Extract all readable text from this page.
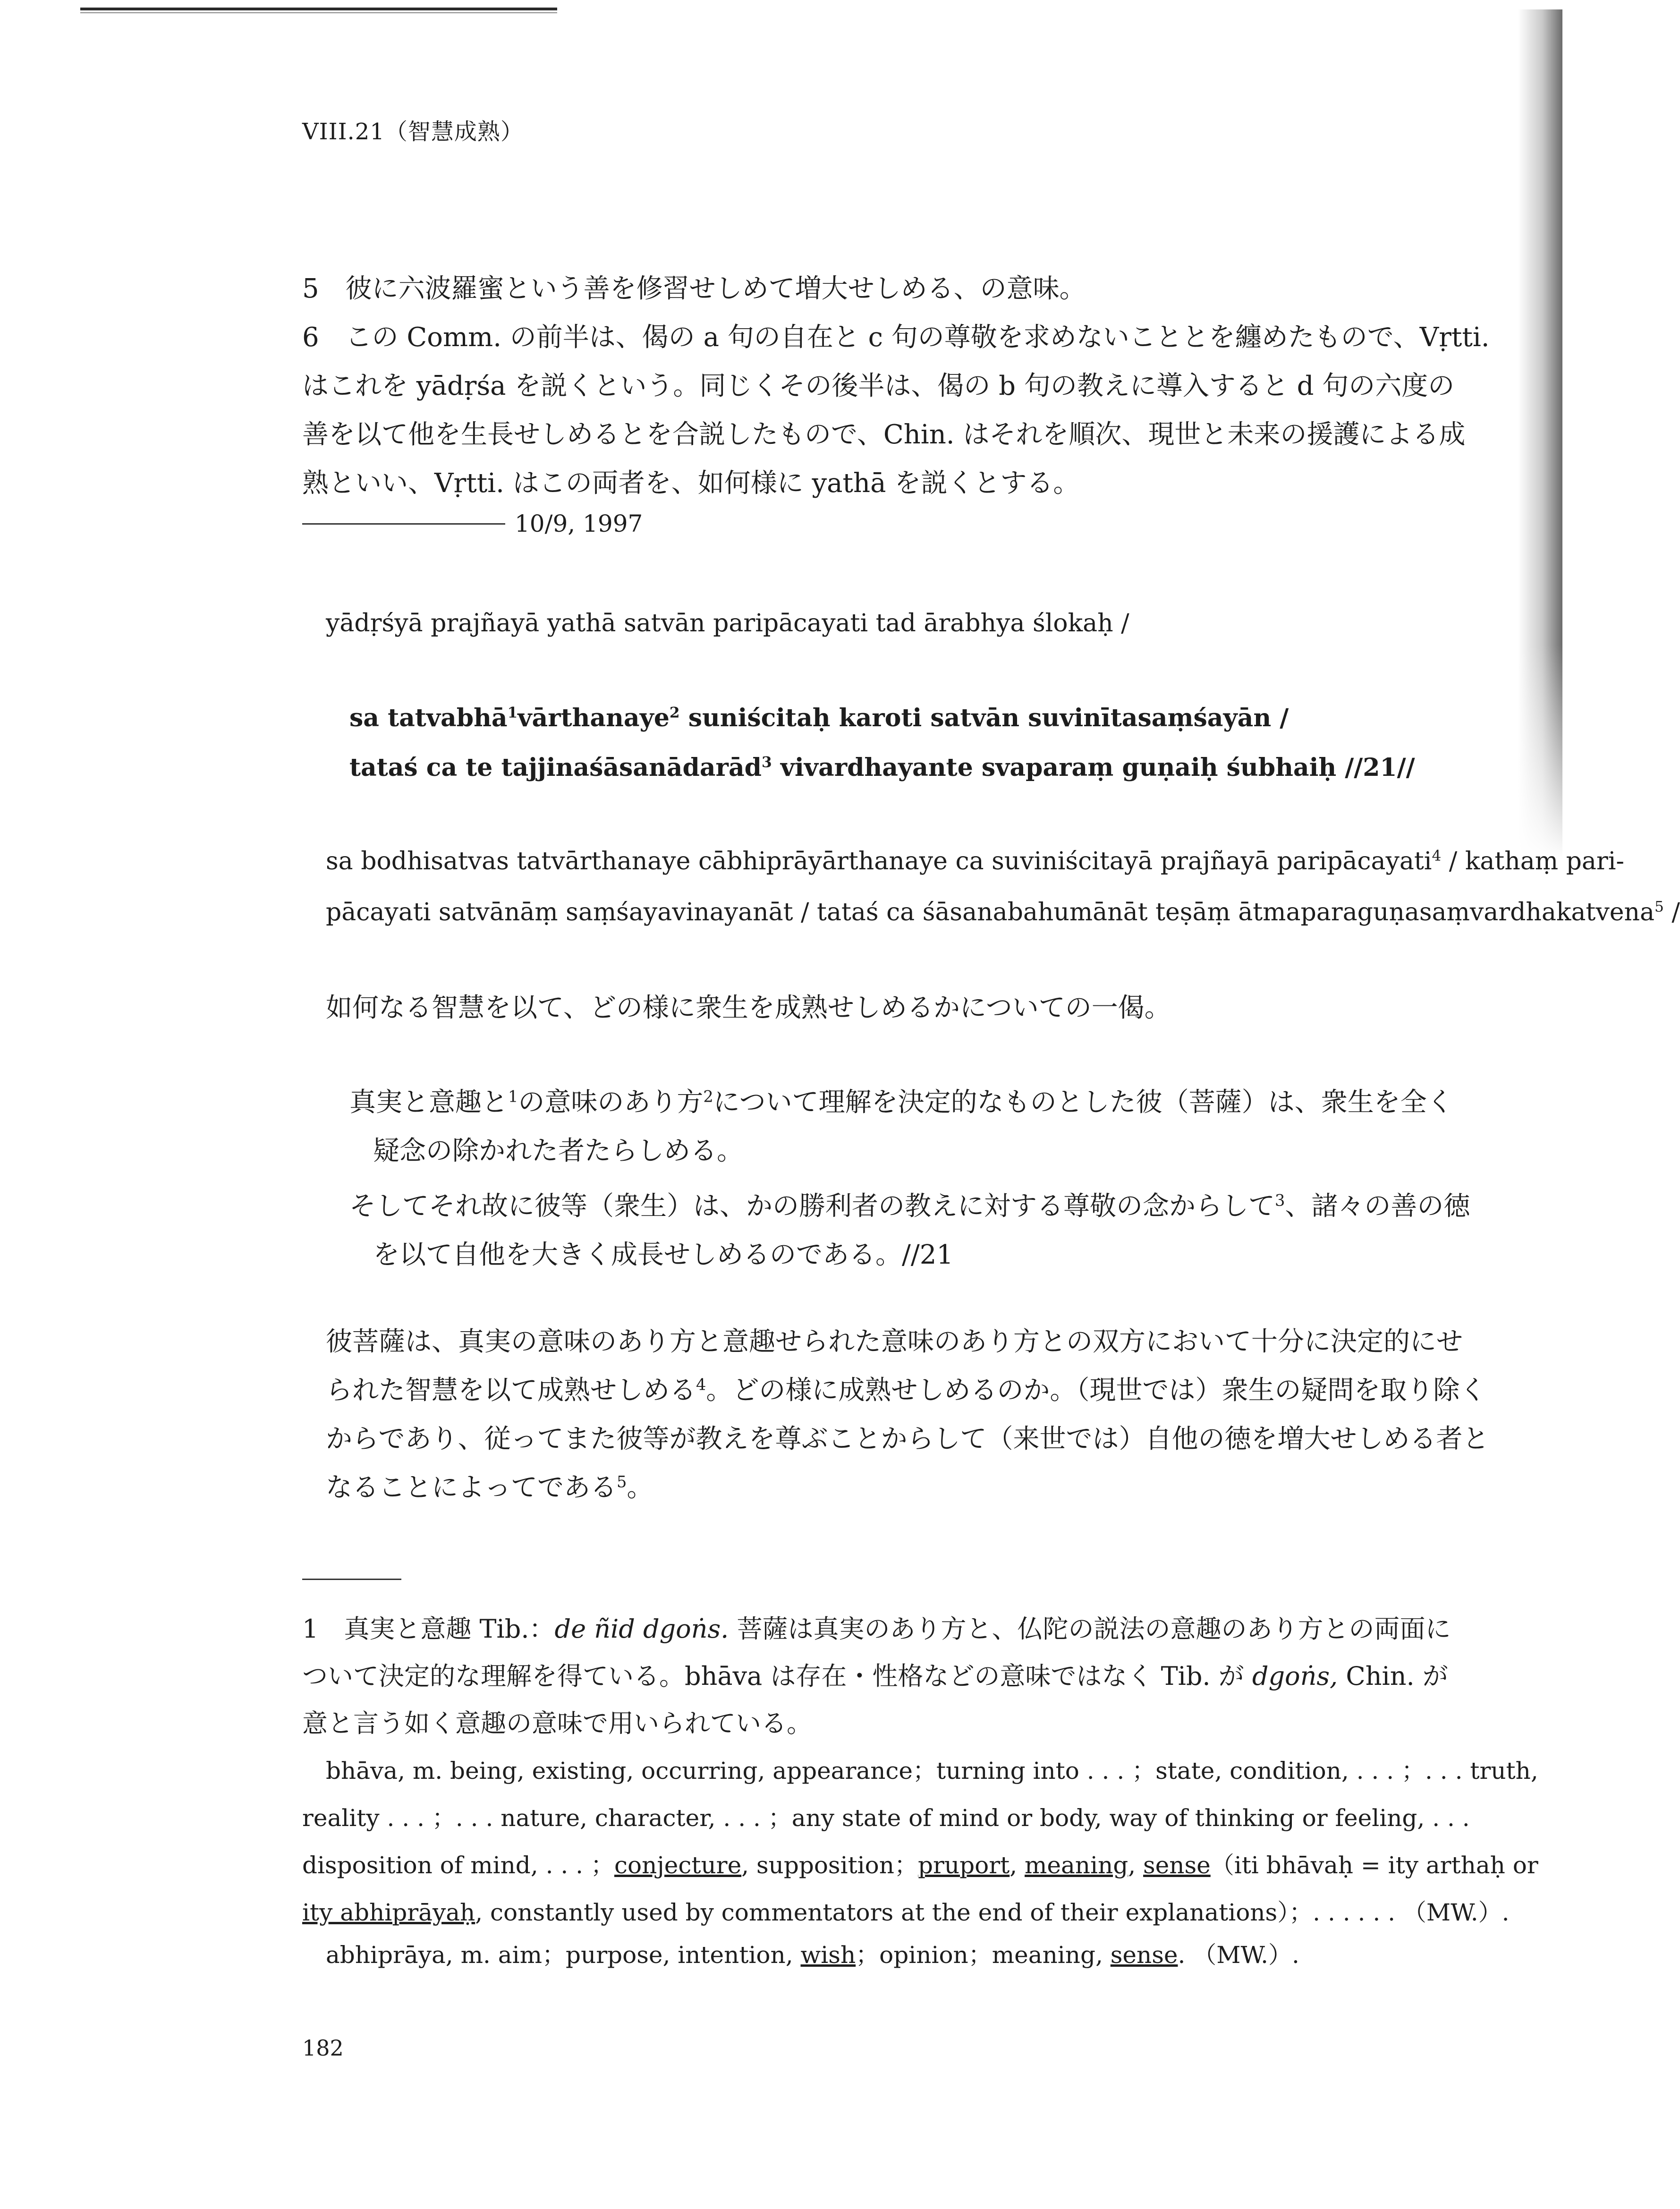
VIII.21（智慧成熟）
5　彼に六波羅蜜という善を修習せしめて増大せしめる、の意味。
6　この Comm. の前半は、偈の a 句の自在と c 句の尊敬を求めないこととを纏めたもので、Vṛtti.
はこれを yādṛśa を説くという。同じくその後半は、偈の b 句の教えに導入すると d 句の六度の
善を以て他を生長せしめるとを合説したもので、Chin. はそれを順次、現世と未来の援護による成
熟といい、Vṛtti. はこの両者を、如何様に yathā を説くとする。
10/9, 1997
yādṛśyā prajñayā yathā satvān paripācayati tad ārabhya ślokaḥ /
sa tatvabhā$^1$vārthanaye$^2$ suniścitaḥ karoti satvān suvinītasaṃśayān /
tataś ca te tajjinaśāsanādarād$^3$ vivardhayante svaparaṃ guṇaiḥ śubhaiḥ //21//
sa bodhisatvas tatvārthanaye cābhiprāyārthanaye ca suviniścitayā prajñayā paripācayati$^4$ / kathaṃ pari-
pācayati satvānāṃ saṃśayavinayanāt / tataś ca śāsanabahumānāt teṣāṃ ātmaparaguṇasaṃvardhakatvena$^5$ /
如何なる智慧を以て、どの様に衆生を成熟せしめるかについての一偈。
真実と意趣と$^1$の意味のあり方$^2$について理解を決定的なものとした彼（菩薩）は、衆生を全く
疑念の除かれた者たらしめる。
そしてそれ故に彼等（衆生）は、かの勝利者の教えに対する尊敬の念からして$^3$、諸々の善の徳
を以て自他を大きく成長せしめるのである。//21
彼菩薩は、真実の意味のあり方と意趣せられた意味のあり方との双方において十分に決定的にせ
られた智慧を以て成熟せしめる$^4$。どの様に成熟せしめるのか。（現世では）衆生の疑問を取り除く
からであり、従ってまた彼等が教えを尊ぶことからして（来世では）自他の徳を増大せしめる者と
なることによってである$^5$。
1　真実と意趣 Tib.：de ñid dgoṅs. 菩薩は真実のあり方と、仏陀の説法の意趣のあり方との両面に
ついて決定的な理解を得ている。bhāva は存在・性格などの意味ではなく Tib. が dgoṅs, Chin. が
意と言う如く意趣の意味で用いられている。
bhāva, m. being, existing, occurring, appearance；turning into . . . ；state, condition, . . . ；. . . truth,
reality . . . ；. . . nature, character, . . . ；any state of mind or body, way of thinking or feeling, . . .
disposition of mind, . . . ；conjecture, supposition；pruport, meaning, sense（iti bhāvaḥ = ity arthaḥ or
ity abhiprāyaḥ, constantly used by commentators at the end of their explanations）；. . . . . . （MW.）.
abhiprāya, m. aim；purpose, intention, wish；opinion；meaning, sense. （MW.）.
182
